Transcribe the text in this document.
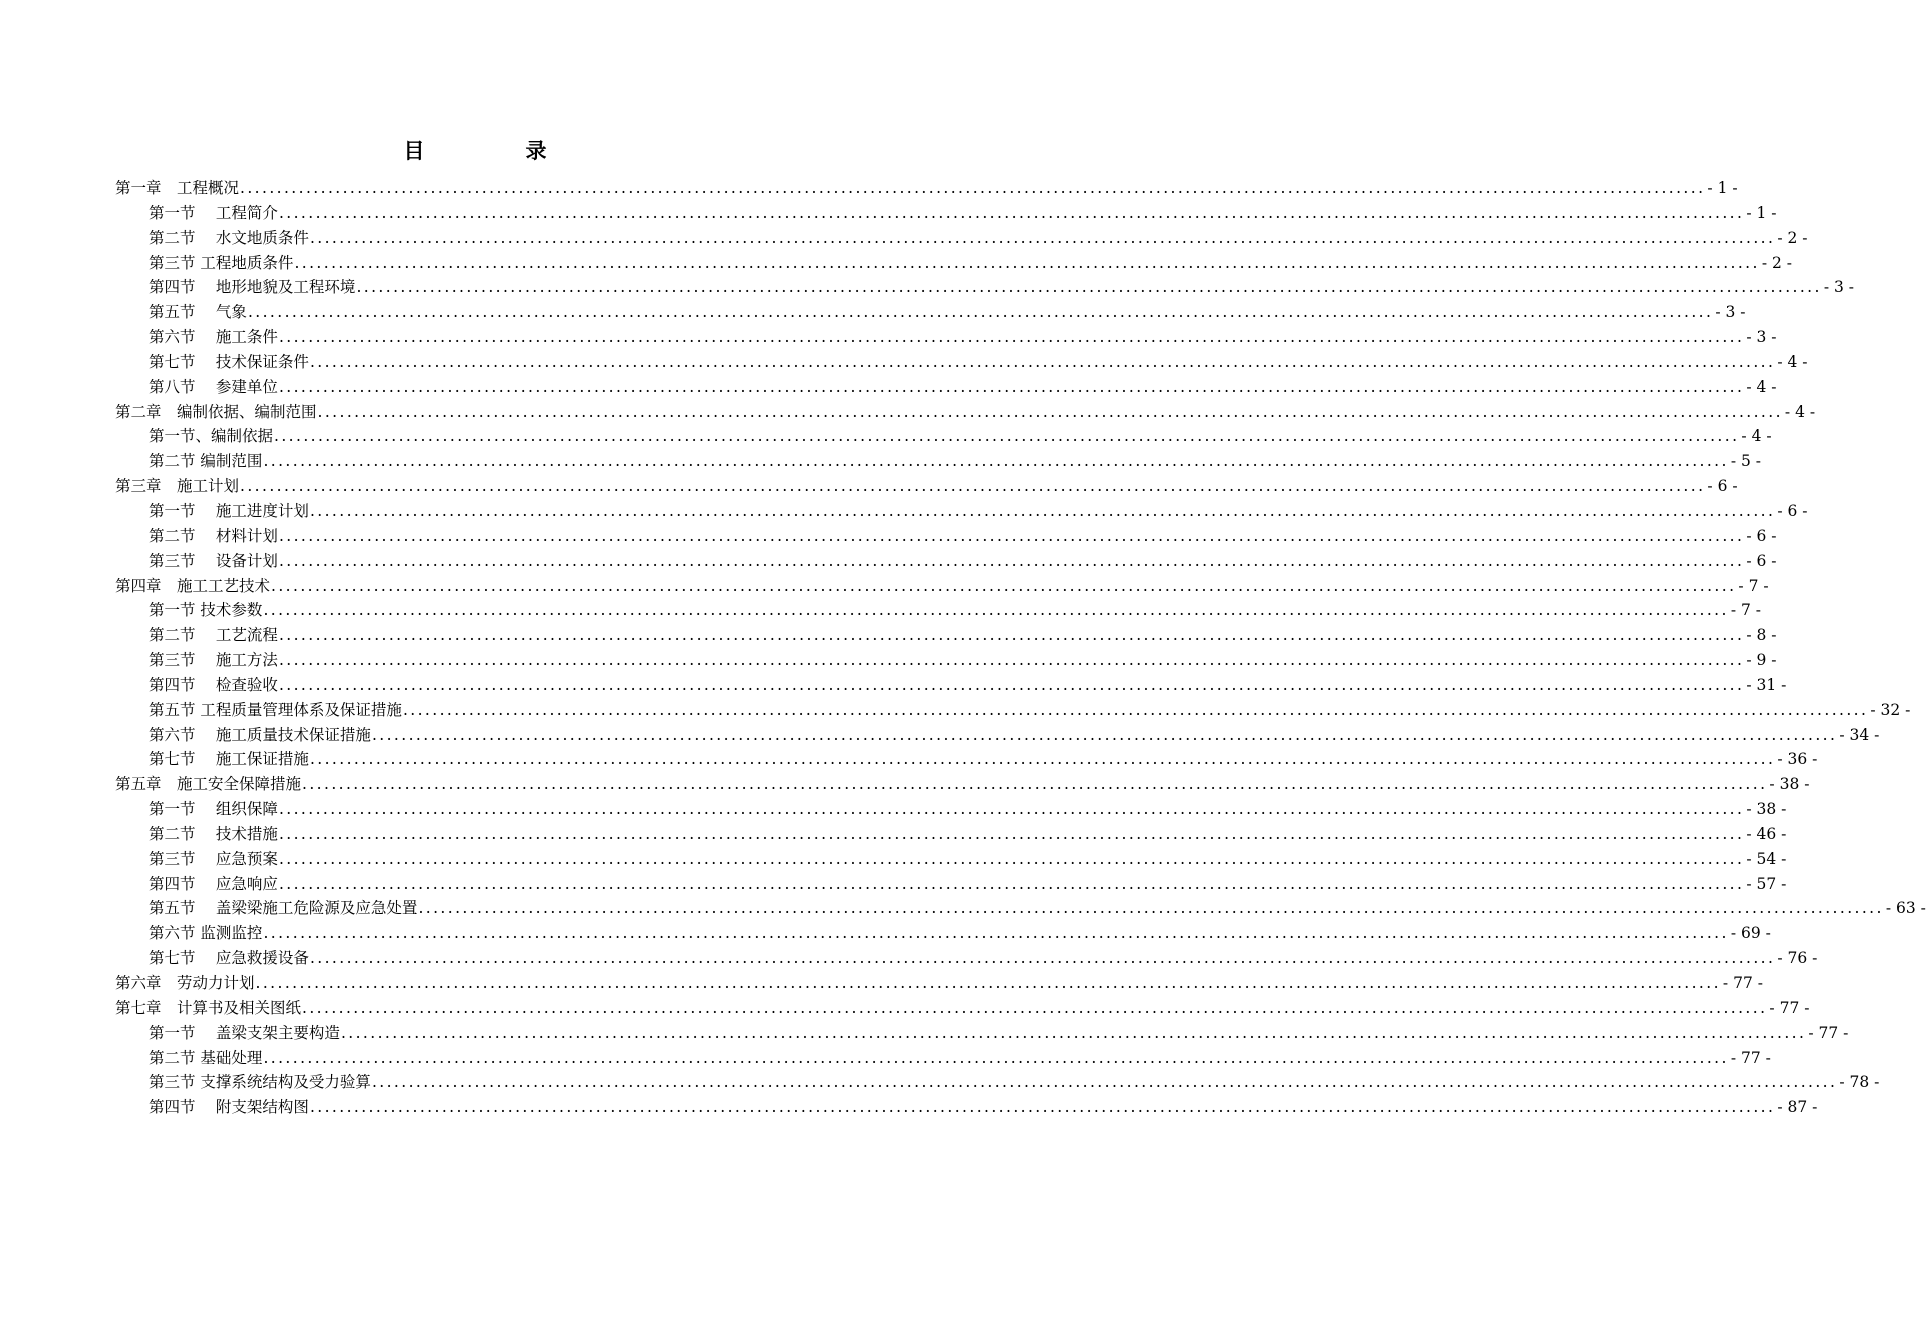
目　录
第一章　工程概况 ........................................................................................................................................................................................................ - 1 -
第一节　 工程简介 ........................................................................................................................................................................................................ - 1 -
第二节　 水文地质条件 ........................................................................................................................................................................................................ - 2 -
第三节 工程地质条件 ........................................................................................................................................................................................................ - 2 -
第四节　 地形地貌及工程环境 ........................................................................................................................................................................................................ - 3 -
第五节　 气象 ........................................................................................................................................................................................................ - 3 -
第六节　 施工条件 ........................................................................................................................................................................................................ - 3 -
第七节　 技术保证条件 ........................................................................................................................................................................................................ - 4 -
第八节　 参建单位 ........................................................................................................................................................................................................ - 4 -
第二章　编制依据、编制范围 ........................................................................................................................................................................................................ - 4 -
第一节、编制依据 ........................................................................................................................................................................................................ - 4 -
第二节 编制范围 ........................................................................................................................................................................................................ - 5 -
第三章　施工计划 ........................................................................................................................................................................................................ - 6 -
第一节　 施工进度计划 ........................................................................................................................................................................................................ - 6 -
第二节　 材料计划 ........................................................................................................................................................................................................ - 6 -
第三节　 设备计划 ........................................................................................................................................................................................................ - 6 -
第四章　施工工艺技术 ........................................................................................................................................................................................................ - 7 -
第一节 技术参数 ........................................................................................................................................................................................................ - 7 -
第二节　 工艺流程 ........................................................................................................................................................................................................ - 8 -
第三节　 施工方法 ........................................................................................................................................................................................................ - 9 -
第四节　 检查验收 ........................................................................................................................................................................................................ - 31 -
第五节 工程质量管理体系及保证措施 ........................................................................................................................................................................................................ - 32 -
第六节　 施工质量技术保证措施 ........................................................................................................................................................................................................ - 34 -
第七节　 施工保证措施 ........................................................................................................................................................................................................ - 36 -
第五章　施工安全保障措施 ........................................................................................................................................................................................................ - 38 -
第一节　 组织保障 ........................................................................................................................................................................................................ - 38 -
第二节　 技术措施 ........................................................................................................................................................................................................ - 46 -
第三节　 应急预案 ........................................................................................................................................................................................................ - 54 -
第四节　 应急响应 ........................................................................................................................................................................................................ - 57 -
第五节　 盖梁梁施工危险源及应急处置 ........................................................................................................................................................................................................ - 63 -
第六节 监测监控 ........................................................................................................................................................................................................ - 69 -
第七节　 应急救援设备 ........................................................................................................................................................................................................ - 76 -
第六章　劳动力计划 ........................................................................................................................................................................................................ - 77 -
第七章　计算书及相关图纸 ........................................................................................................................................................................................................ - 77 -
第一节　 盖梁支架主要构造 ........................................................................................................................................................................................................ - 77 -
第二节 基础处理 ........................................................................................................................................................................................................ - 77 -
第三节 支撑系统结构及受力验算 ........................................................................................................................................................................................................ - 78 -
第四节　 附支架结构图 ........................................................................................................................................................................................................ - 87 -
